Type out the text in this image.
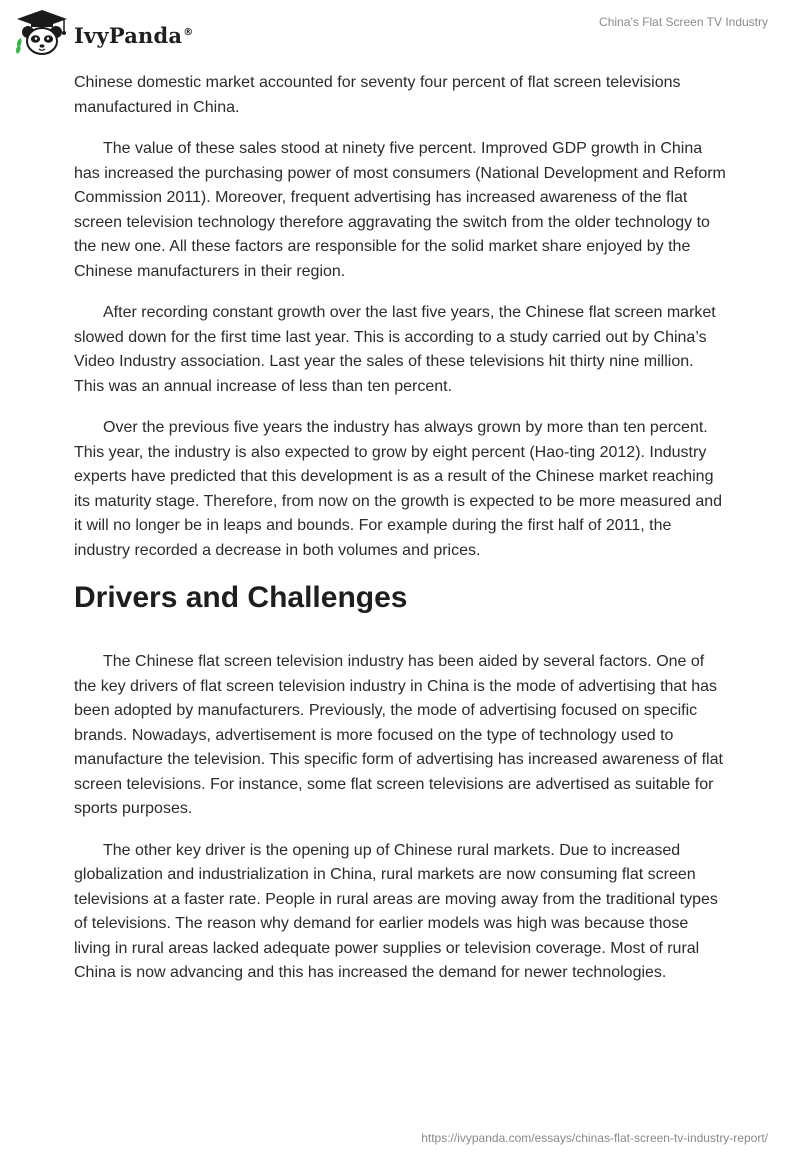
IvyPanda®
China’s Flat Screen TV Industry

Chinese domestic market accounted for seventy four percent of flat screen televisions manufactured in China.

The value of these sales stood at ninety five percent. Improved GDP growth in China has increased the purchasing power of most consumers (National Development and Reform Commission 2011). Moreover, frequent advertising has increased awareness of the flat screen television technology therefore aggravating the switch from the older technology to the new one. All these factors are responsible for the solid market share enjoyed by the Chinese manufacturers in their region.

After recording constant growth over the last five years, the Chinese flat screen market slowed down for the first time last year. This is according to a study carried out by China’s Video Industry association. Last year the sales of these televisions hit thirty nine million. This was an annual increase of less than ten percent.

Over the previous five years the industry has always grown by more than ten percent. This year, the industry is also expected to grow by eight percent (Hao-ting 2012). Industry experts have predicted that this development is as a result of the Chinese market reaching its maturity stage. Therefore, from now on the growth is expected to be more measured and it will no longer be in leaps and bounds. For example during the first half of 2011, the industry recorded a decrease in both volumes and prices.

Drivers and Challenges

The Chinese flat screen television industry has been aided by several factors. One of the key drivers of flat screen television industry in China is the mode of advertising that has been adopted by manufacturers. Previously, the mode of advertising focused on specific brands. Nowadays, advertisement is more focused on the type of technology used to manufacture the television. This specific form of advertising has increased awareness of flat screen televisions. For instance, some flat screen televisions are advertised as suitable for sports purposes.

The other key driver is the opening up of Chinese rural markets. Due to increased globalization and industrialization in China, rural markets are now consuming flat screen televisions at a faster rate. People in rural areas are moving away from the traditional types of televisions. The reason why demand for earlier models was high was because those living in rural areas lacked adequate power supplies or television coverage. Most of rural China is now advancing and this has increased the demand for newer technologies.

https://ivypanda.com/essays/chinas-flat-screen-tv-industry-report/
